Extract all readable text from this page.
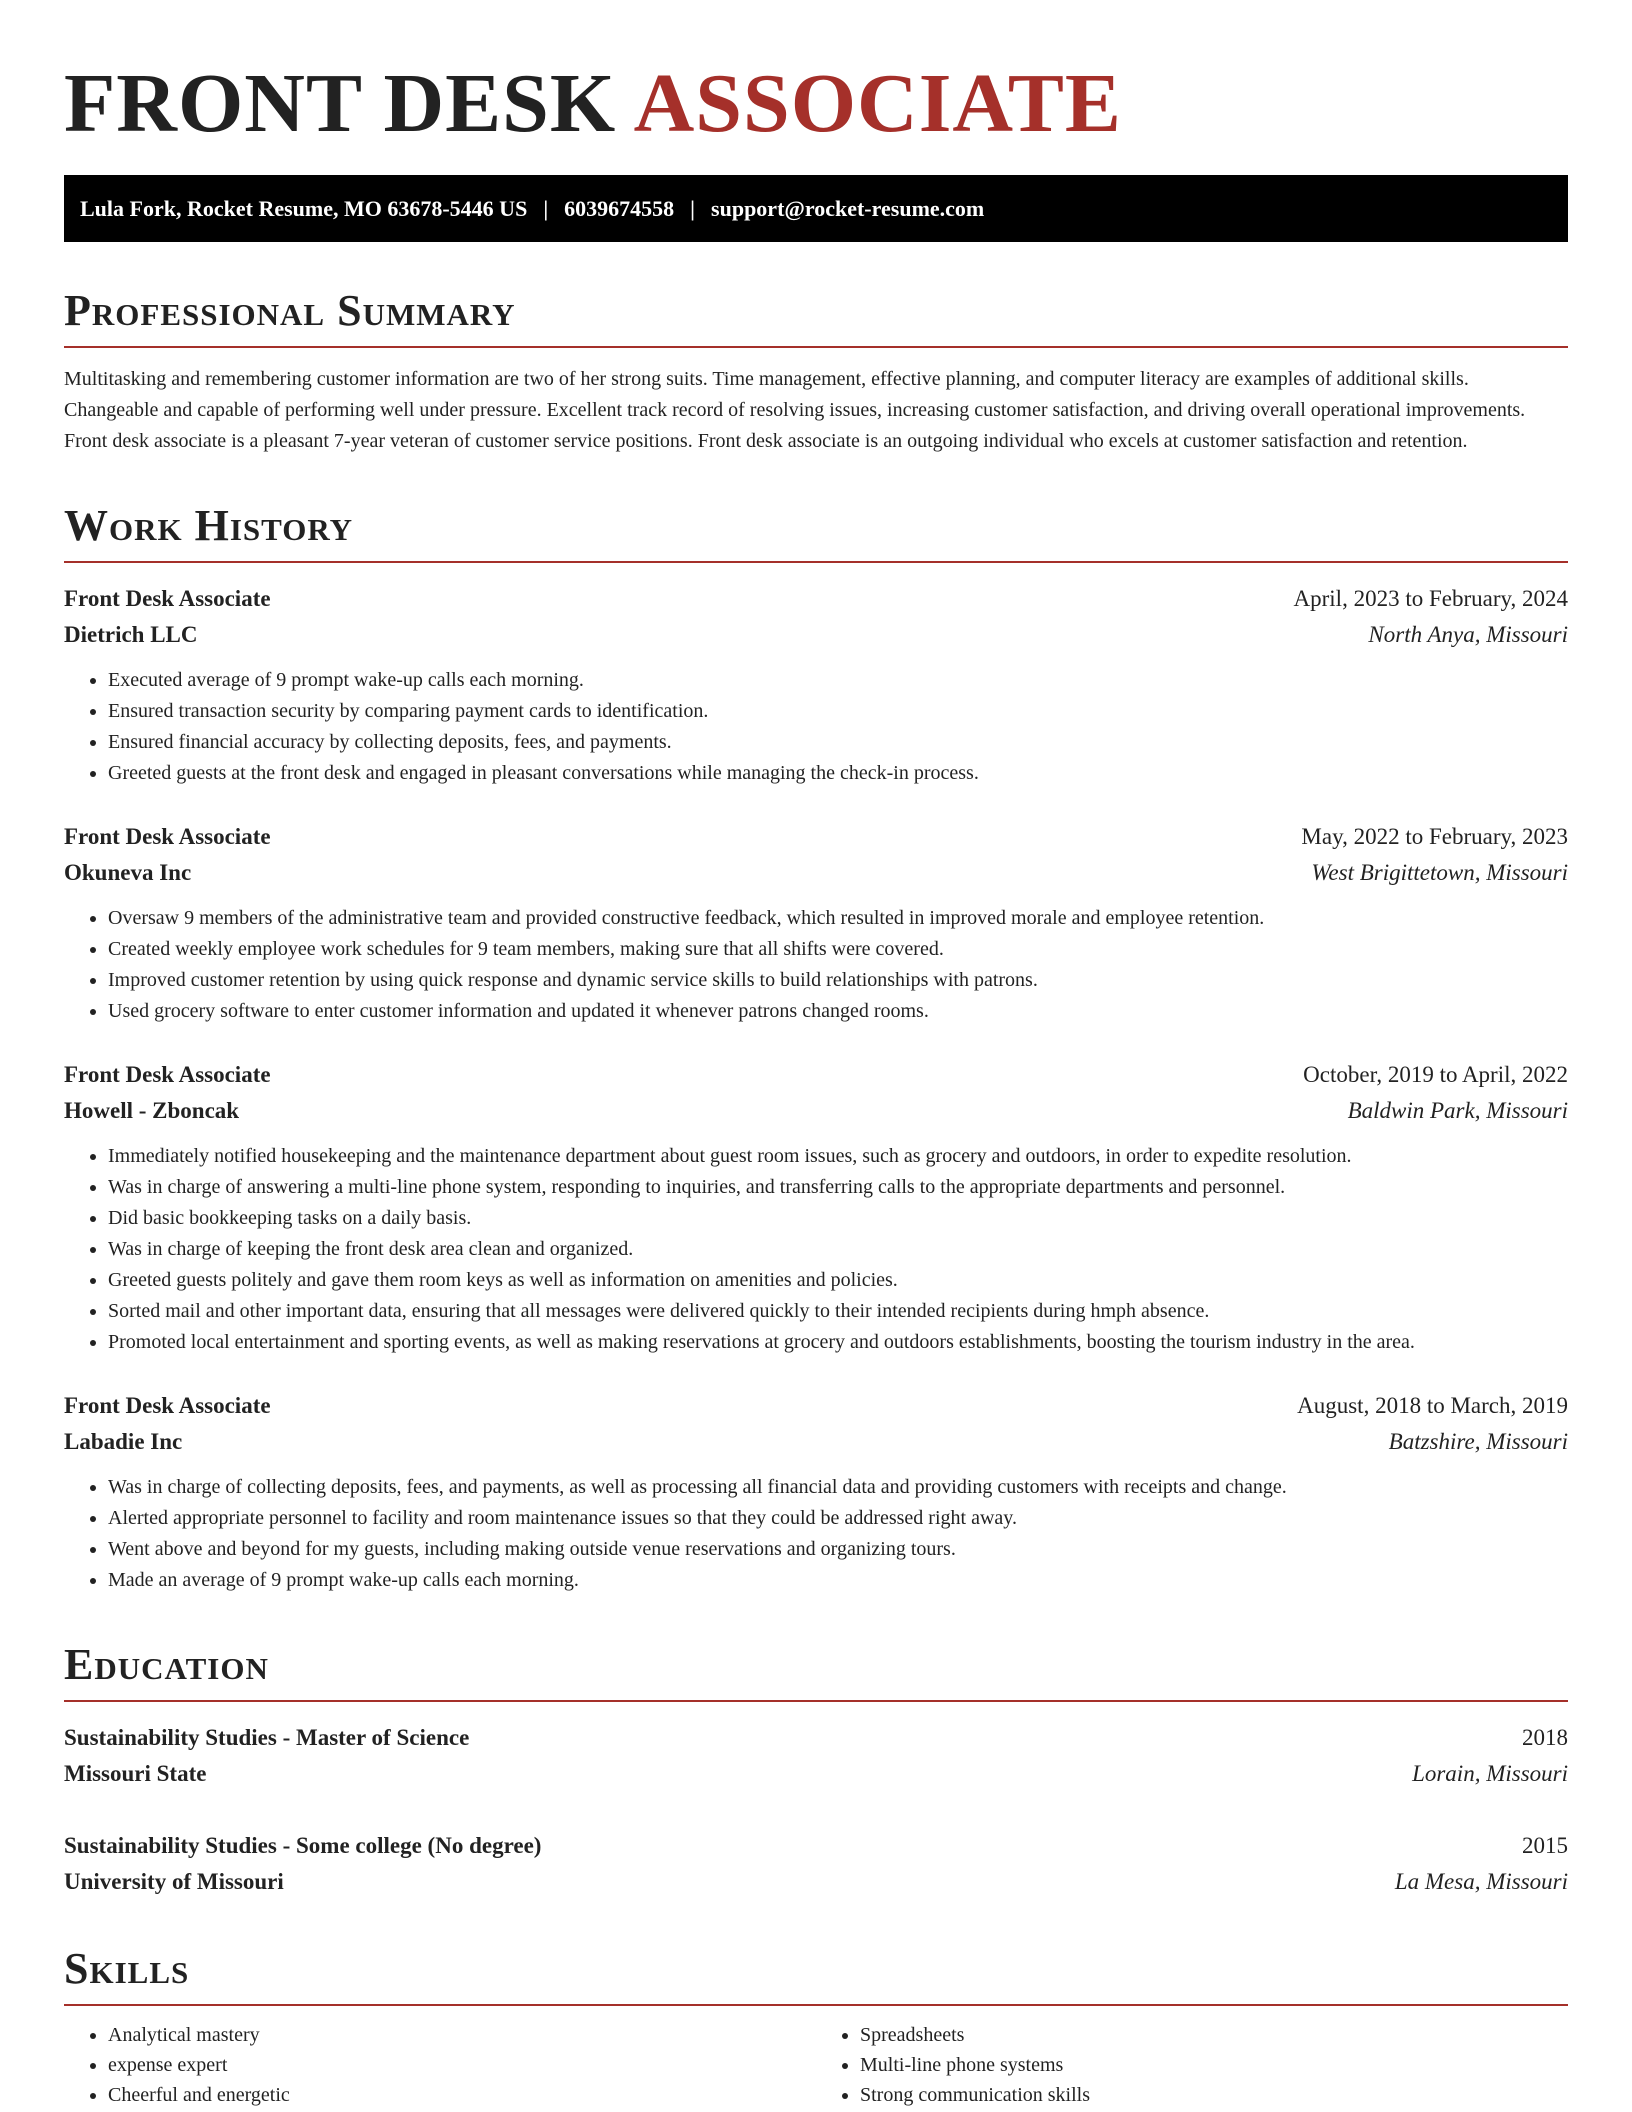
FRONT DESK ASSOCIATE
Lula Fork, Rocket Resume, MO 63678-5446 US | 6039674558 | support@rocket-resume.com
Professional Summary

Multitasking and remembering customer information are two of her strong suits. Time management, effective planning, and computer literacy are examples of additional skills. Changeable and capable of performing well under pressure. Excellent track record of resolving issues, increasing customer satisfaction, and driving overall operational improvements. Front desk associate is a pleasant 7-year veteran of customer service positions. Front desk associate is an outgoing individual who excels at customer satisfaction and retention.

Work History
Front Desk Associate	April, 2023 to February, 2024
Dietrich LLC	North Anya, Missouri
• Executed average of 9 prompt wake-up calls each morning.
• Ensured transaction security by comparing payment cards to identification.
• Ensured financial accuracy by collecting deposits, fees, and payments.
• Greeted guests at the front desk and engaged in pleasant conversations while managing the check-in process.
Front Desk Associate	May, 2022 to February, 2023
Okuneva Inc	West Brigittetown, Missouri
• Oversaw 9 members of the administrative team and provided constructive feedback, which resulted in improved morale and employee retention.
• Created weekly employee work schedules for 9 team members, making sure that all shifts were covered.
• Improved customer retention by using quick response and dynamic service skills to build relationships with patrons.
• Used grocery software to enter customer information and updated it whenever patrons changed rooms.
Front Desk Associate	October, 2019 to April, 2022
Howell - Zboncak	Baldwin Park, Missouri
• Immediately notified housekeeping and the maintenance department about guest room issues, such as grocery and outdoors, in order to expedite resolution.
• Was in charge of answering a multi-line phone system, responding to inquiries, and transferring calls to the appropriate departments and personnel.
• Did basic bookkeeping tasks on a daily basis.
• Was in charge of keeping the front desk area clean and organized.
• Greeted guests politely and gave them room keys as well as information on amenities and policies.
• Sorted mail and other important data, ensuring that all messages were delivered quickly to their intended recipients during hmph absence.
• Promoted local entertainment and sporting events, as well as making reservations at grocery and outdoors establishments, boosting the tourism industry in the area.
Front Desk Associate	August, 2018 to March, 2019
Labadie Inc	Batzshire, Missouri
• Was in charge of collecting deposits, fees, and payments, as well as processing all financial data and providing customers with receipts and change.
• Alerted appropriate personnel to facility and room maintenance issues so that they could be addressed right away.
• Went above and beyond for my guests, including making outside venue reservations and organizing tours.
• Made an average of 9 prompt wake-up calls each morning.
Education
Sustainability Studies - Master of Science	2018
Missouri State	Lorain, Missouri
Sustainability Studies - Some college (No degree)	2015
University of Missouri	La Mesa, Missouri
Skills
• Analytical mastery
• expense expert
• Cheerful and energetic
• Spreadsheets
• Multi-line phone systems
• Strong communication skills
